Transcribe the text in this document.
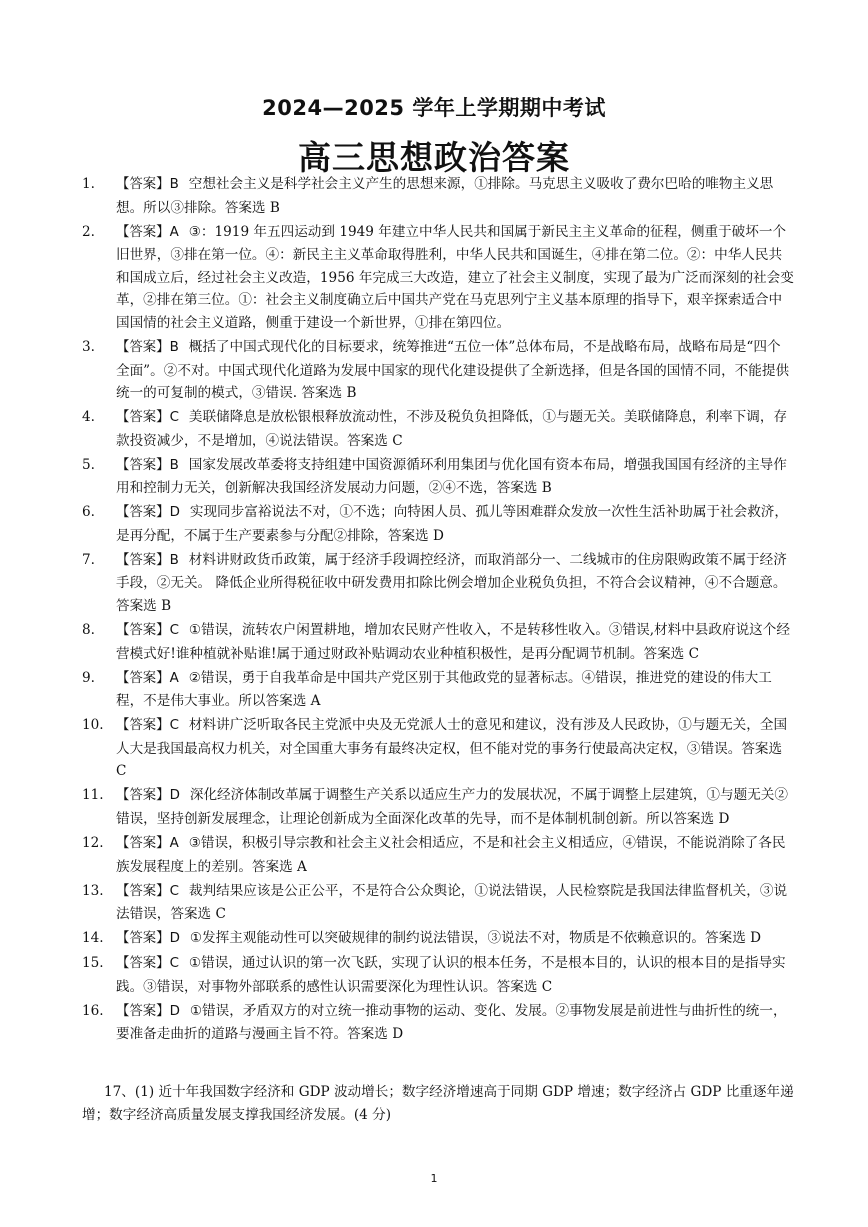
2024—2025 学年上学期期中考试
高三思想政治答案
1.	【答案】B 空想社会主义是科学社会主义产生的思想来源，①排除。马克思主义吸收了费尔巴哈的唯物主义思想。所以③排除。答案选 B
2.	【答案】A ③：1919 年五四运动到 1949 年建立中华人民共和国属于新民主主义革命的征程，侧重于破坏一个旧世界，③排在第一位。④：新民主主义革命取得胜利，中华人民共和国诞生，④排在第二位。②：中华人民共和国成立后，经过社会主义改造，1956 年完成三大改造，建立了社会主义制度，实现了最为广泛而深刻的社会变革，②排在第三位。①：社会主义制度确立后中国共产党在马克思列宁主义基本原理的指导下，艰辛探索适合中国国情的社会主义道路，侧重于建设一个新世界，①排在第四位。
3.	【答案】B 概括了中国式现代化的目标要求，统筹推进“五位一体”总体布局，不是战略布局，战略布局是“四个全面”。②不对。中国式现代化道路为发展中国家的现代化建设提供了全新选择，但是各国的国情不同，不能提供统一的可复制的模式，③错误. 答案选 B
4.	【答案】C 美联储降息是放松银根释放流动性，不涉及税负负担降低，①与题无关。美联储降息，利率下调，存款投资减少，不是增加，④说法错误。答案选 C
5.	【答案】B 国家发展改革委将支持组建中国资源循环利用集团与优化国有资本布局，增强我国国有经济的主导作用和控制力无关，创新解决我国经济发展动力问题，②④不选，答案选 B
6.	【答案】D 实现同步富裕说法不对，①不选；向特困人员、孤儿等困难群众发放一次性生活补助属于社会救济，是再分配，不属于生产要素参与分配②排除，答案选 D
7.	【答案】B 材料讲财政货币政策，属于经济手段调控经济，而取消部分一、二线城市的住房限购政策不属于经济手段，②无关。 降低企业所得税征收中研发费用扣除比例会增加企业税负负担，不符合会议精神，④不合题意。答案选 B
8.	【答案】C ①错误，流转农户闲置耕地，增加农民财产性收入，不是转移性收入。③错误,材料中县政府说这个经营模式好!谁种植就补贴谁!属于通过财政补贴调动农业种植积极性，是再分配调节机制。答案选 C
9.	【答案】A ②错误，勇于自我革命是中国共产党区别于其他政党的显著标志。④错误，推进党的建设的伟大工程，不是伟大事业。所以答案选 A
10. 【答案】C 材料讲广泛听取各民主党派中央及无党派人士的意见和建议，没有涉及人民政协，①与题无关，全国人大是我国最高权力机关，对全国重大事务有最终决定权，但不能对党的事务行使最高决定权，③错误。答案选 C
11. 【答案】D 深化经济体制改革属于调整生产关系以适应生产力的发展状况，不属于调整上层建筑，①与题无关②错误，坚持创新发展理念，让理论创新成为全面深化改革的先导，而不是体制机制创新。所以答案选 D
12. 【答案】A ③错误，积极引导宗教和社会主义社会相适应，不是和社会主义相适应，④错误，不能说消除了各民族发展程度上的差别。答案选 A
13. 【答案】C 裁判结果应该是公正公平，不是符合公众舆论，①说法错误，人民检察院是我国法律监督机关，③说法错误，答案选 C
14. 【答案】D ①发挥主观能动性可以突破规律的制约说法错误，③说法不对，物质是不依赖意识的。答案选 D
15. 【答案】C ①错误，通过认识的第一次飞跃，实现了认识的根本任务，不是根本目的，认识的根本目的是指导实践。③错误，对事物外部联系的感性认识需要深化为理性认识。答案选 C
16. 【答案】D ①错误，矛盾双方的对立统一推动事物的运动、变化、发展。②事物发展是前进性与曲折性的统一，要准备走曲折的道路与漫画主旨不符。答案选 D
17、(1) 近十年我国数字经济和 GDP 波动增长；数字经济增速高于同期 GDP 增速；数字经济占 GDP 比重逐年递增；数字经济高质量发展支撑我国经济发展。(4 分)
1
